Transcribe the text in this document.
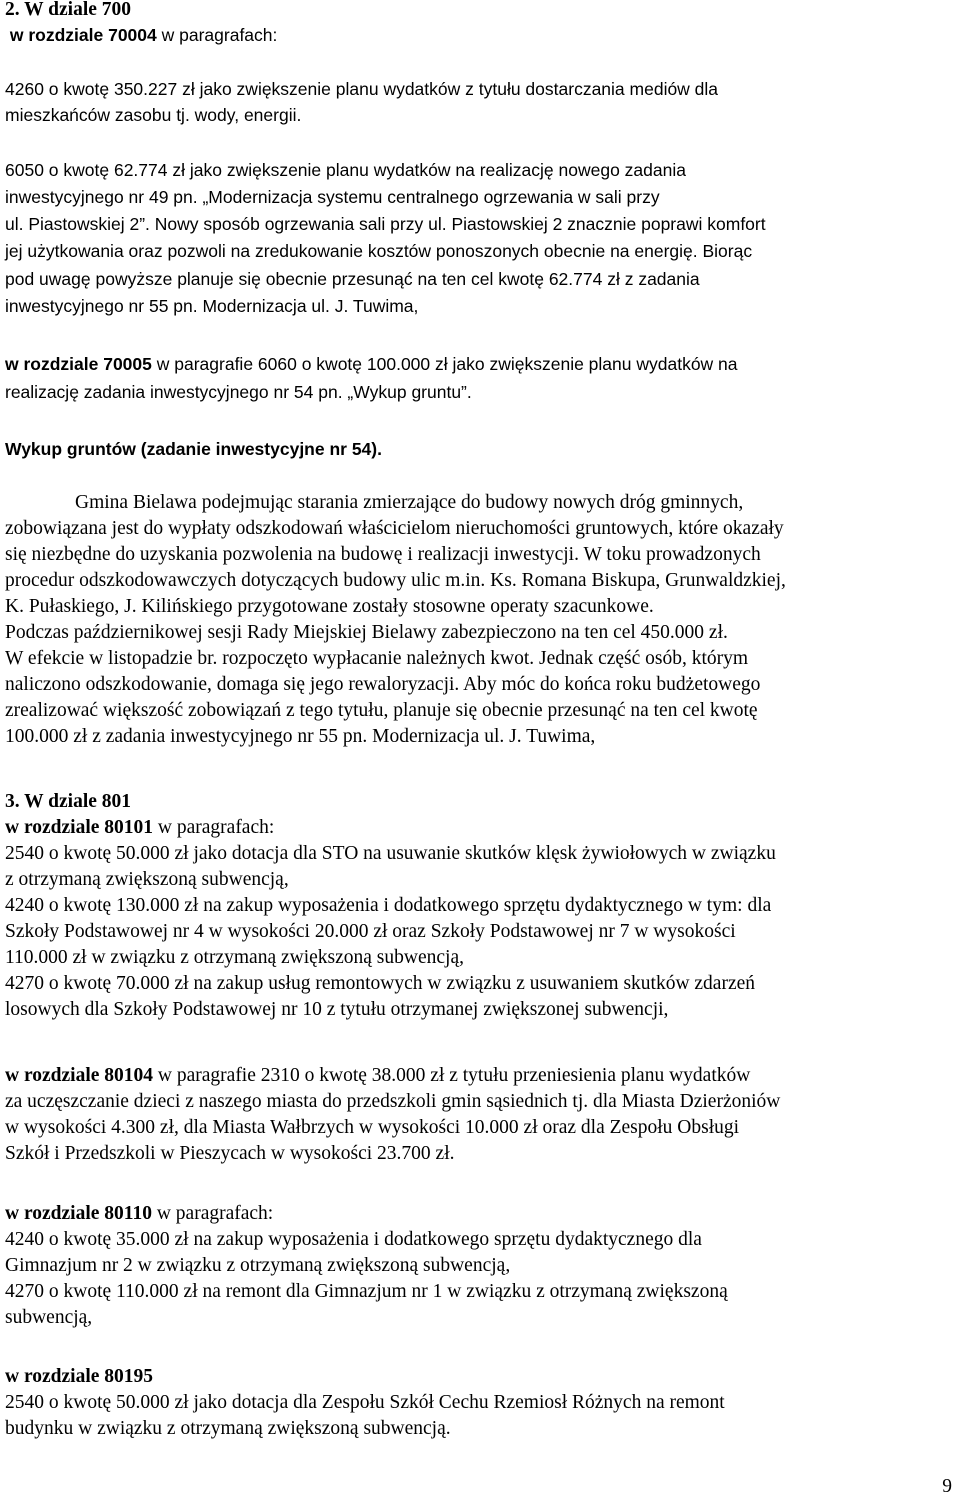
2. W dziale 700
w rozdziale 70004 w paragrafach:
4260 o kwotę 350.227 zł jako zwiększenie planu wydatków z tytułu dostarczania mediów dla
mieszkańców zasobu tj. wody, energii.
6050 o kwotę 62.774 zł jako zwiększenie planu wydatków na realizację nowego zadania
inwestycyjnego nr 49 pn. „Modernizacja systemu centralnego ogrzewania w sali przy
ul. Piastowskiej 2”. Nowy sposób ogrzewania sali przy ul. Piastowskiej 2 znacznie poprawi komfort
jej użytkowania oraz pozwoli na zredukowanie kosztów ponoszonych obecnie na energię. Biorąc
pod uwagę powyższe planuje się obecnie przesunąć na ten cel kwotę 62.774 zł z zadania
inwestycyjnego nr 55 pn. Modernizacja ul. J. Tuwima,
w rozdziale 70005 w paragrafie 6060 o kwotę 100.000 zł jako zwiększenie planu wydatków na
realizację zadania inwestycyjnego nr 54 pn. „Wykup gruntu”.
Wykup gruntów (zadanie inwestycyjne nr 54).
Gmina Bielawa podejmując starania zmierzające do budowy nowych dróg gminnych,
zobowiązana jest do wypłaty odszkodowań właścicielom nieruchomości gruntowych, które okazały
się niezbędne do uzyskania pozwolenia na budowę i realizacji inwestycji. W toku prowadzonych
procedur odszkodowawczych dotyczących budowy ulic m.in. Ks. Romana Biskupa, Grunwaldzkiej,
K. Pułaskiego, J. Kilińskiego przygotowane zostały stosowne operaty szacunkowe.
Podczas październikowej sesji Rady Miejskiej Bielawy zabezpieczono na ten cel 450.000 zł.
W efekcie w listopadzie br. rozpoczęto wypłacanie należnych kwot. Jednak część osób, którym
naliczono odszkodowanie, domaga się jego rewaloryzacji. Aby móc do końca roku budżetowego
zrealizować większość zobowiązań z tego tytułu, planuje się obecnie przesunąć na ten cel kwotę
100.000 zł z zadania inwestycyjnego nr 55 pn. Modernizacja ul. J. Tuwima,
3. W dziale 801
w rozdziale 80101 w paragrafach:
2540 o kwotę 50.000 zł jako dotacja dla STO na usuwanie skutków klęsk żywiołowych w związku
z otrzymaną zwiększoną subwencją,
4240 o kwotę 130.000 zł na zakup wyposażenia i dodatkowego sprzętu dydaktycznego w tym: dla
Szkoły Podstawowej nr 4 w wysokości 20.000 zł oraz Szkoły Podstawowej nr 7 w wysokości
110.000 zł w związku z otrzymaną zwiększoną subwencją,
4270 o kwotę 70.000 zł na zakup usług remontowych w związku z usuwaniem skutków zdarzeń
losowych dla Szkoły Podstawowej nr 10 z tytułu otrzymanej zwiększonej subwencji,
w rozdziale 80104 w paragrafie 2310 o kwotę 38.000 zł z tytułu przeniesienia planu wydatków
za uczęszczanie dzieci z naszego miasta do przedszkoli gmin sąsiednich tj. dla Miasta Dzierżoniów
w wysokości 4.300 zł, dla Miasta Wałbrzych w wysokości 10.000 zł oraz dla Zespołu Obsługi
Szkół i Przedszkoli w Pieszycach w wysokości 23.700 zł.
w rozdziale 80110 w paragrafach:
4240 o kwotę 35.000 zł na zakup wyposażenia i dodatkowego sprzętu dydaktycznego dla
Gimnazjum nr 2 w związku z otrzymaną zwiększoną subwencją,
4270 o kwotę 110.000 zł na remont dla Gimnazjum nr 1 w związku z otrzymaną zwiększoną
subwencją,
w rozdziale 80195
2540 o kwotę 50.000 zł jako dotacja dla Zespołu Szkół Cechu Rzemiosł Różnych na remont
budynku w związku z otrzymaną zwiększoną subwencją.
9
